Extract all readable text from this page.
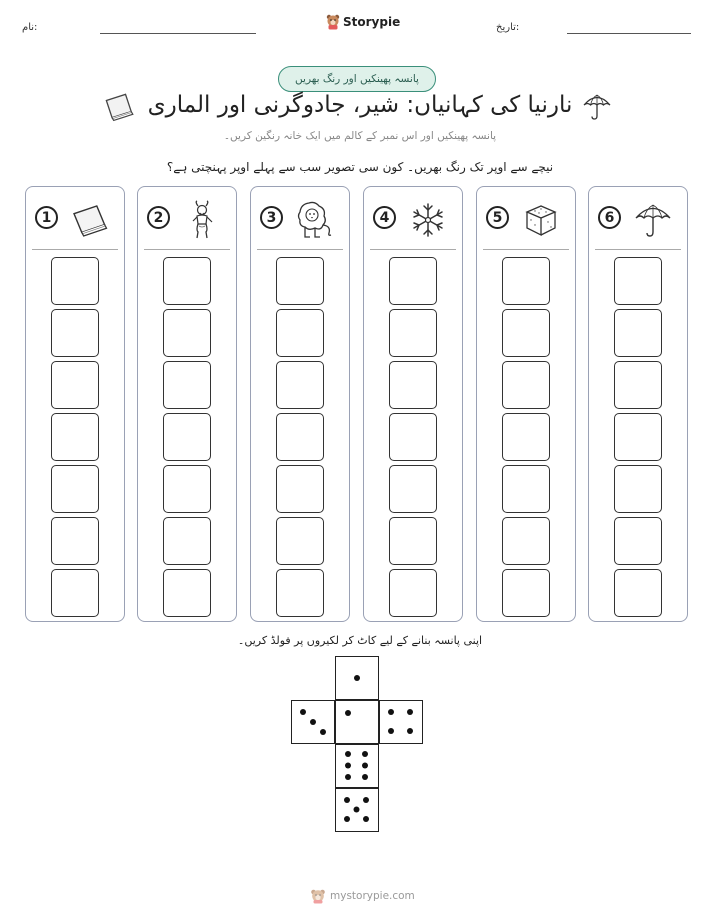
نام:	Storypie	تاریخ:
پانسہ پھینکیں اور رنگ بھریں
نارنیا کی کہانیاں: شیر، جادوگرنی اور الماری
پانسہ پھینکیں اور اس نمبر کے کالم میں ایک خانہ رنگین کریں۔
نیچے سے اوپر تک رنگ بھریں۔ کون سی تصویر سب سے پہلے اوپر پہنچتی ہے؟
1	2	3	4	5	6
اپنی پانسہ بنانے کے لیے کاٹ کر لکیروں پر فولڈ کریں۔
mystorypie.com
